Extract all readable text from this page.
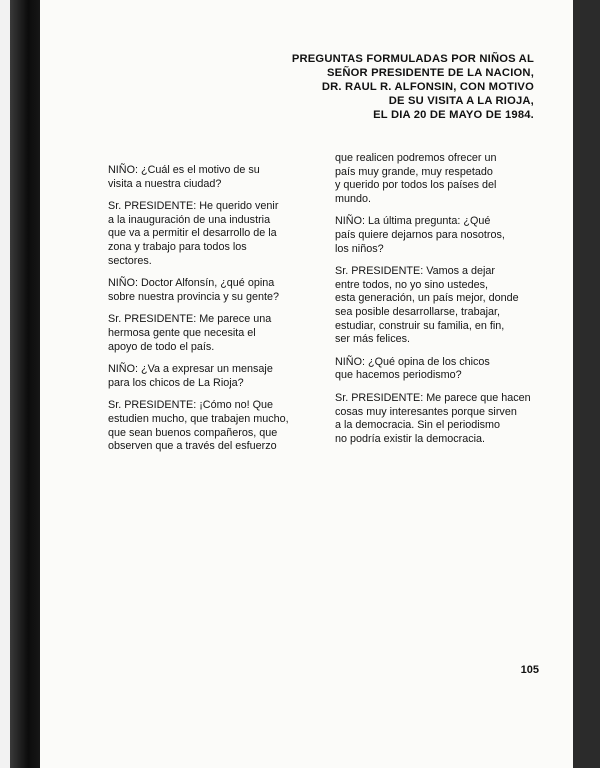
PREGUNTAS FORMULADAS POR NIÑOS AL
SEÑOR PRESIDENTE DE LA NACION,
DR. RAUL R. ALFONSIN, CON MOTIVO
DE SU VISITA A LA RIOJA,
EL DIA 20 DE MAYO DE 1984.
NIÑO: ¿Cuál es el motivo de su
visita a nuestra ciudad?
Sr. PRESIDENTE: He querido venir
a la inauguración de una industria
que va a permitir el desarrollo de la
zona y trabajo para todos los
sectores.
NIÑO: Doctor Alfonsín, ¿qué opina
sobre nuestra provincia y su gente?
Sr. PRESIDENTE: Me parece una
hermosa gente que necesita el
apoyo de todo el país.
NIÑO: ¿Va a expresar un mensaje
para los chicos de La Rioja?
Sr. PRESIDENTE: ¡Cómo no! Que
estudien mucho, que trabajen mucho,
que sean buenos compañeros, que
observen que a través del esfuerzo
que realicen podremos ofrecer un
país muy grande, muy respetado
y querido por todos los países del
mundo.
NIÑO: La última pregunta: ¿Qué
país quiere dejarnos para nosotros,
los niños?
Sr. PRESIDENTE: Vamos a dejar
entre todos, no yo sino ustedes,
esta generación, un país mejor, donde
sea posible desarrollarse, trabajar,
estudiar, construir su familia, en fin,
ser más felices.
NIÑO: ¿Qué opina de los chicos
que hacemos periodismo?
Sr. PRESIDENTE: Me parece que hacen
cosas muy interesantes porque sirven
a la democracia. Sin el periodismo
no podría existir la democracia.
105
